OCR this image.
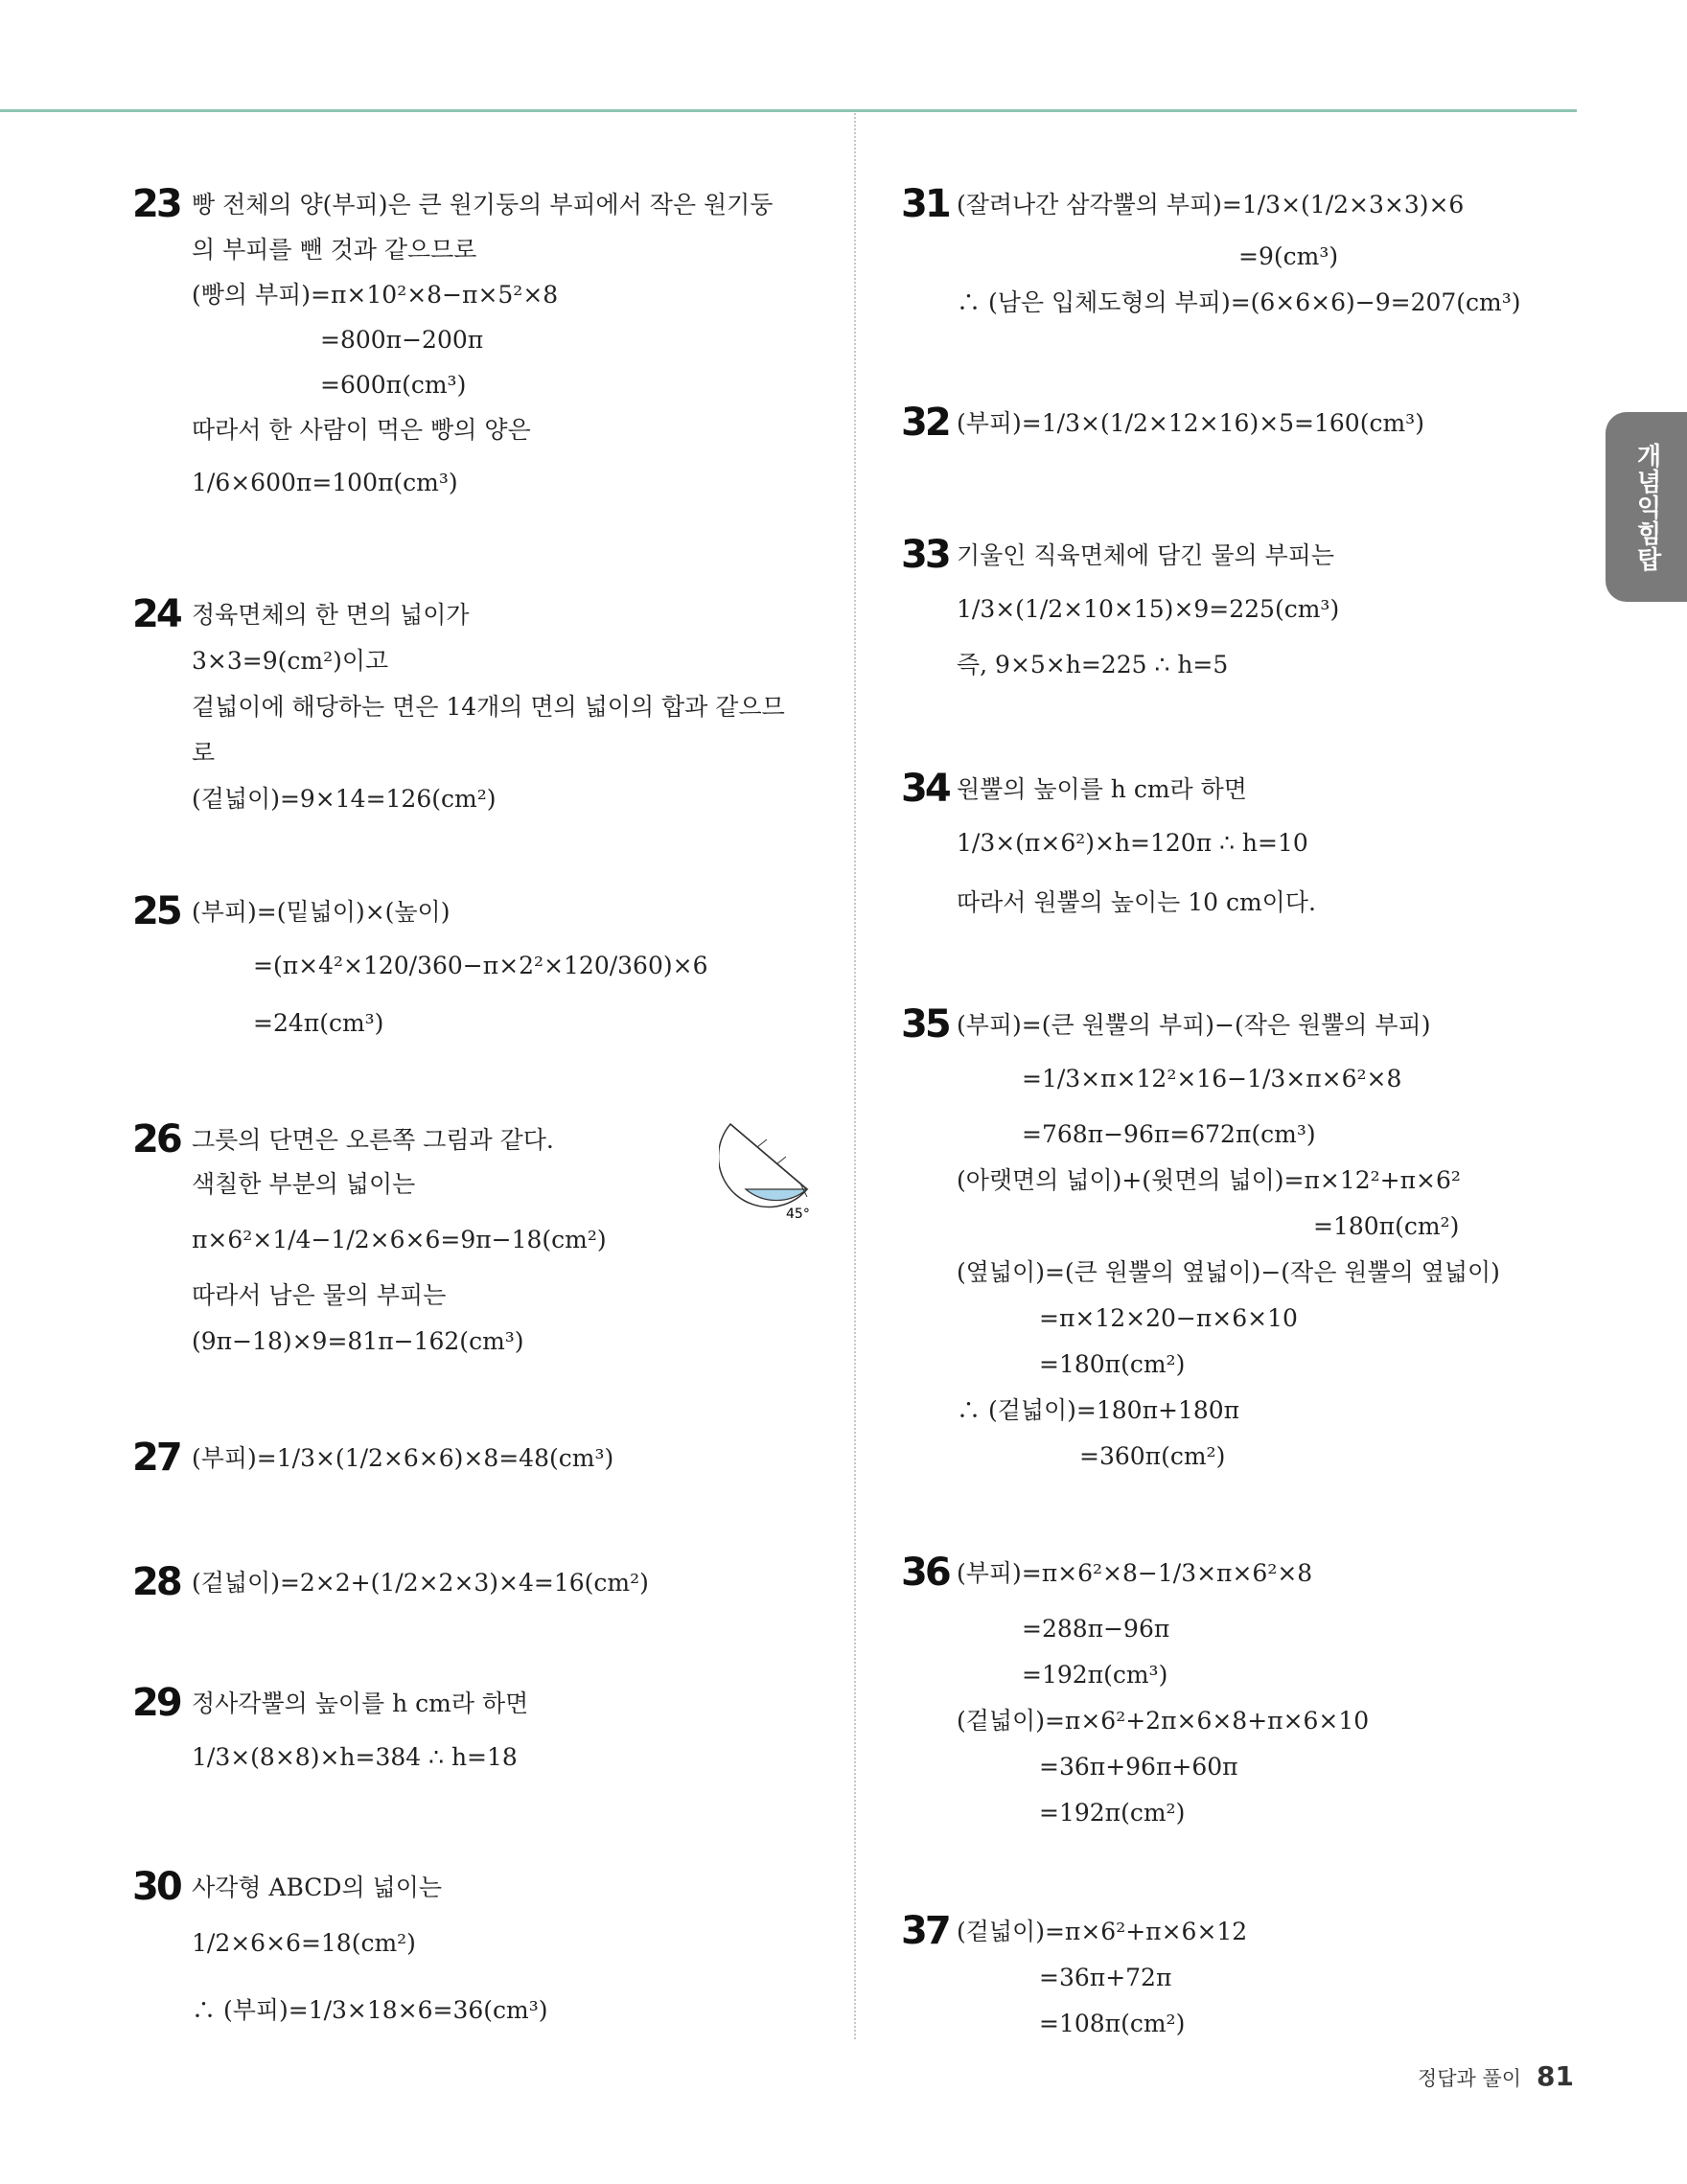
개념익힘탑
23 빵 전체의 양(부피)은 큰 원기둥의 부피에서 작은 원기둥
의 부피를 뺀 것과 같으므로
(빵의 부피)=π×10²×8−π×5²×8
=800π−200π
=600π(cm³)
따라서 한 사람이 먹은 빵의 양은
1/6×600π=100π(cm³)
24 정육면체의 한 면의 넓이가
3×3=9(cm²)이고
겉넓이에 해당하는 면은 14개의 면의 넓이의 합과 같으므
로
(겉넓이)=9×14=126(cm²)
25 (부피)=(밑넓이)×(높이)
=(π×4²×120/360−π×2²×120/360)×6
=24π(cm³)
26 그릇의 단면은 오른쪽 그림과 같다.
색칠한 부분의 넓이는
π×6²×1/4−1/2×6×6=9π−18(cm²)
따라서 남은 물의 부피는
(9π−18)×9=81π−162(cm³)
45°
27 (부피)=1/3×(1/2×6×6)×8=48(cm³)
28 (겉넓이)=2×2+(1/2×2×3)×4=16(cm²)
29 정사각뿔의 높이를 h cm라 하면
1/3×(8×8)×h=384 ∴ h=18
30 사각형 ABCD의 넓이는
1/2×6×6=18(cm²)
∴ (부피)=1/3×18×6=36(cm³)
31 (잘려나간 삼각뿔의 부피)=1/3×(1/2×3×3)×6
=9(cm³)
∴ (남은 입체도형의 부피)=(6×6×6)−9=207(cm³)
32 (부피)=1/3×(1/2×12×16)×5=160(cm³)
33 기울인 직육면체에 담긴 물의 부피는
1/3×(1/2×10×15)×9=225(cm³)
즉, 9×5×h=225 ∴ h=5
34 원뿔의 높이를 h cm라 하면
1/3×(π×6²)×h=120π ∴ h=10
따라서 원뿔의 높이는 10 cm이다.
35 (부피)=(큰 원뿔의 부피)−(작은 원뿔의 부피)
=1/3×π×12²×16−1/3×π×6²×8
=768π−96π=672π(cm³)
(아랫면의 넓이)+(윗면의 넓이)=π×12²+π×6²
=180π(cm²)
(옆넓이)=(큰 원뿔의 옆넓이)−(작은 원뿔의 옆넓이)
=π×12×20−π×6×10
=180π(cm²)
∴ (겉넓이)=180π+180π
=360π(cm²)
36 (부피)=π×6²×8−1/3×π×6²×8
=288π−96π
=192π(cm³)
(겉넓이)=π×6²+2π×6×8+π×6×10
=36π+96π+60π
=192π(cm²)
37 (겉넓이)=π×6²+π×6×12
=36π+72π
=108π(cm²)
정답과 풀이 81
